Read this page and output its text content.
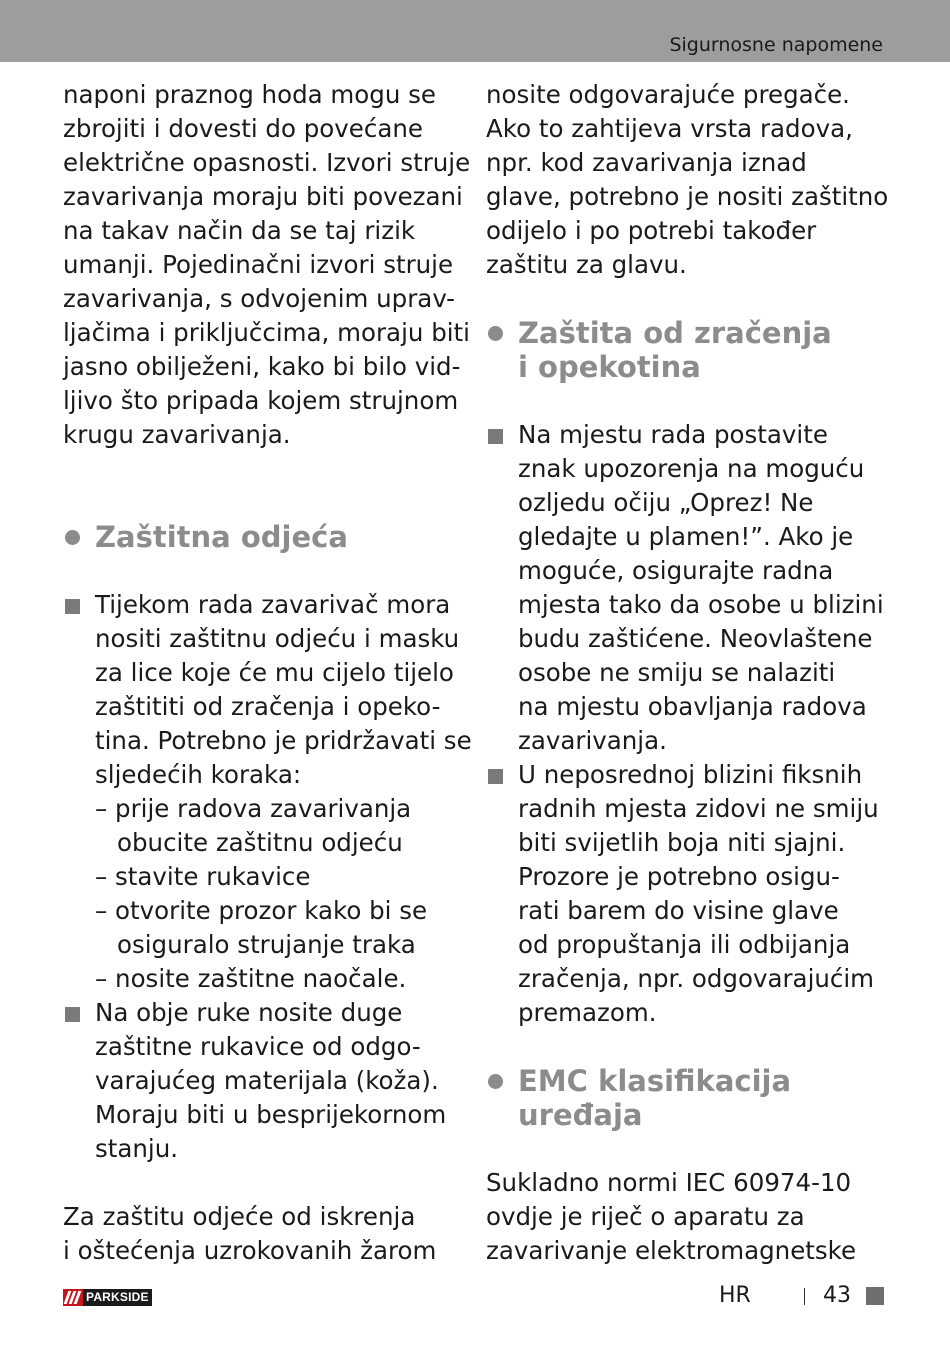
Sigurnosne napomene
naponi praznog hoda mogu se
zbrojiti i dovesti do povećane
električne opasnosti. Izvori struje
zavarivanja moraju biti povezani
na takav način da se taj rizik
umanji. Pojedinačni izvori struje
zavarivanja, s odvojenim uprav-
ljačima i priključcima, moraju biti
jasno obilježeni, kako bi bilo vid-
ljivo što pripada kojem strujnom
krugu zavarivanja.
Zaštitna odjeća
Tijekom rada zavarivač mora
nositi zaštitnu odjeću i masku
za lice koje će mu cijelo tijelo
zaštititi od zračenja i opeko-
tina. Potrebno je pridržavati se
sljedećih koraka:
– prije radova zavarivanja
obucite zaštitnu odjeću
– stavite rukavice
– otvorite prozor kako bi se
osiguralo strujanje traka
– nosite zaštitne naočale.
Na obje ruke nosite duge
zaštitne rukavice od odgo-
varajućeg materijala (koža).
Moraju biti u besprijekornom
stanju.
Za zaštitu odjeće od iskrenja
i oštećenja uzrokovanih žarom
nosite odgovarajuće pregače.
Ako to zahtijeva vrsta radova,
npr. kod zavarivanja iznad
glave, potrebno je nositi zaštitno
odijelo i po potrebi također
zaštitu za glavu.
Zaštita od zračenja
i opekotina
Na mjestu rada postavite
znak upozorenja na moguću
ozljedu očiju „Oprez! Ne
gledajte u plamen!”. Ako je
moguće, osigurajte radna
mjesta tako da osobe u blizini
budu zaštićene. Neovlaštene
osobe ne smiju se nalaziti
na mjestu obavljanja radova
zavarivanja.
U neposrednoj blizini fiksnih
radnih mjesta zidovi ne smiju
biti svijetlih boja niti sjajni.
Prozore je potrebno osigu-
rati barem do visine glave
od propuštanja ili odbijanja
zračenja, npr. odgovarajućim
premazom.
EMC klasifikacija
uređaja
Sukladno normi IEC 60974-10
ovdje je riječ o aparatu za
zavarivanje elektromagnetske
PARKSIDE	HR	43
